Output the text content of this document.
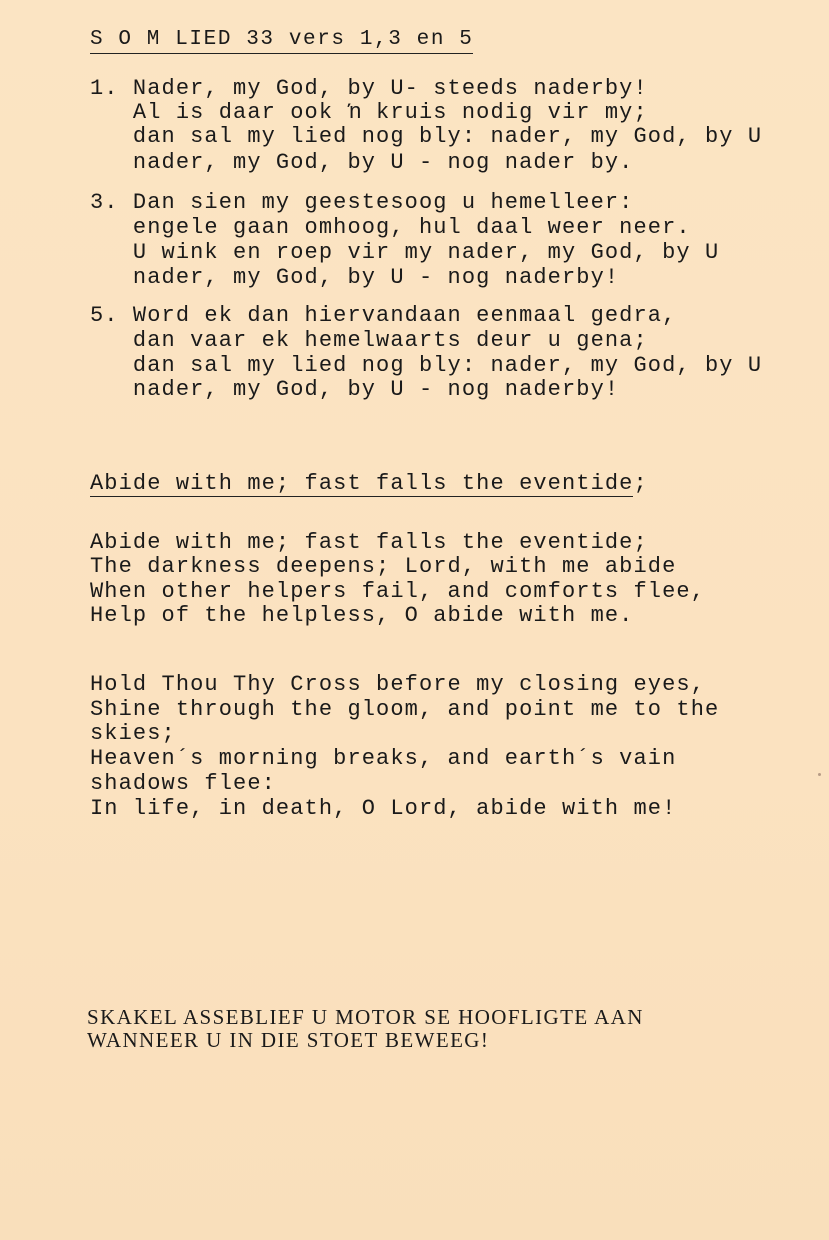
S O M LIED 33 vers 1,3 en 5
1. Nader, my God, by U- steeds naderby!
Al is daar ook ŉ kruis nodig vir my;
dan sal my lied nog bly: nader, my God, by U
nader, my God, by U - nog nader by.
3. Dan sien my geestesoog u hemelleer:
engele gaan omhoog, hul daal weer neer.
U wink en roep vir my nader, my God, by U
nader, my God, by U - nog naderby!
5. Word ek dan hiervandaan eenmaal gedra,
dan vaar ek hemelwaarts deur u gena;
dan sal my lied nog bly: nader, my God, by U
nader, my God, by U - nog naderby!
Abide with me; fast falls the eventide;
Abide with me; fast falls the eventide;
The darkness deepens; Lord, with me abide
When other helpers fail, and comforts flee,
Help of the helpless, O abide with me.
Hold Thou Thy Cross before my closing eyes,
Shine through the gloom, and point me to the
skies;
Heaven´s morning breaks, and earth´s vain
shadows flee:
In life, in death, O Lord, abide with me!
SKAKEL ASSEBLIEF U MOTOR SE HOOFLIGTE AAN
WANNEER U IN DIE STOET BEWEEG!
